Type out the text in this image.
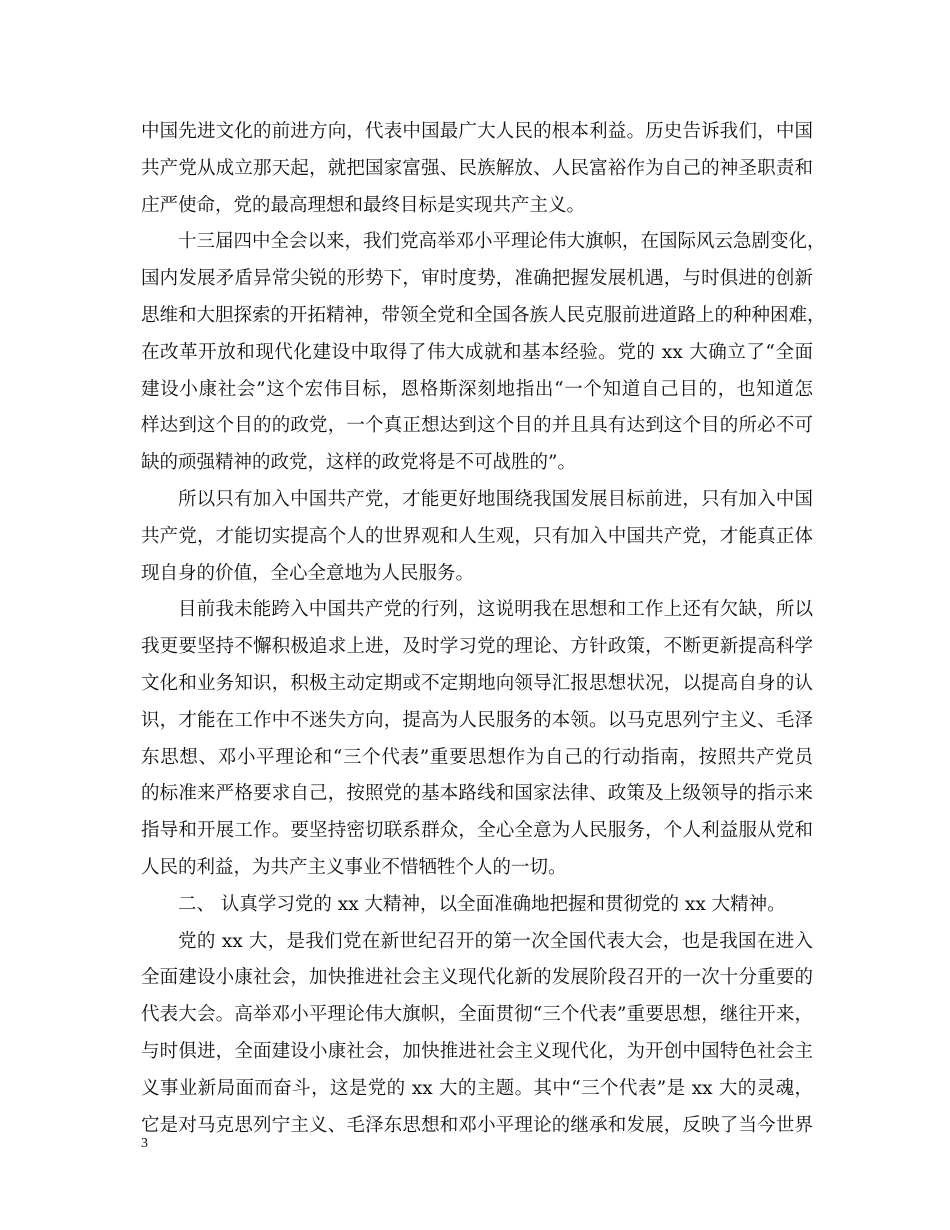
中国先进文化的前进方向，代表中国最广大人民的根本利益。历史告诉我们，中国
共产党从成立那天起，就把国家富强、民族解放、人民富裕作为自己的神圣职责和
庄严使命，党的最高理想和最终目标是实现共产主义。
十三届四中全会以来，我们党高举邓小平理论伟大旗帜，在国际风云急剧变化，
国内发展矛盾异常尖锐的形势下，审时度势，准确把握发展机遇，与时俱进的创新
思维和大胆探索的开拓精神，带领全党和全国各族人民克服前进道路上的种种困难，
在改革开放和现代化建设中取得了伟大成就和基本经验。党的 xx 大确立了“全面
建设小康社会”这个宏伟目标，恩格斯深刻地指出“一个知道自己目的，也知道怎
样达到这个目的的政党，一个真正想达到这个目的并且具有达到这个目的所必不可
缺的顽强精神的政党，这样的政党将是不可战胜的”。
所以只有加入中国共产党，才能更好地围绕我国发展目标前进，只有加入中国
共产党，才能切实提高个人的世界观和人生观，只有加入中国共产党，才能真正体
现自身的价值，全心全意地为人民服务。
目前我未能跨入中国共产党的行列，这说明我在思想和工作上还有欠缺，所以
我更要坚持不懈积极追求上进，及时学习党的理论、方针政策，不断更新提高科学
文化和业务知识，积极主动定期或不定期地向领导汇报思想状况，以提高自身的认
识，才能在工作中不迷失方向，提高为人民服务的本领。以马克思列宁主义、毛泽
东思想、邓小平理论和“三个代表”重要思想作为自己的行动指南，按照共产党员
的标准来严格要求自己，按照党的基本路线和国家法律、政策及上级领导的指示来
指导和开展工作。要坚持密切联系群众，全心全意为人民服务，个人利益服从党和
人民的利益，为共产主义事业不惜牺牲个人的一切。
二、 认真学习党的 xx 大精神，以全面准确地把握和贯彻党的 xx 大精神。
党的 xx 大，是我们党在新世纪召开的第一次全国代表大会，也是我国在进入
全面建设小康社会，加快推进社会主义现代化新的发展阶段召开的一次十分重要的
代表大会。高举邓小平理论伟大旗帜，全面贯彻“三个代表”重要思想，继往开来，
与时俱进，全面建设小康社会，加快推进社会主义现代化，为开创中国特色社会主
义事业新局面而奋斗，这是党的 xx 大的主题。其中“三个代表”是 xx 大的灵魂，
它是对马克思列宁主义、毛泽东思想和邓小平理论的继承和发展，反映了当今世界
3
